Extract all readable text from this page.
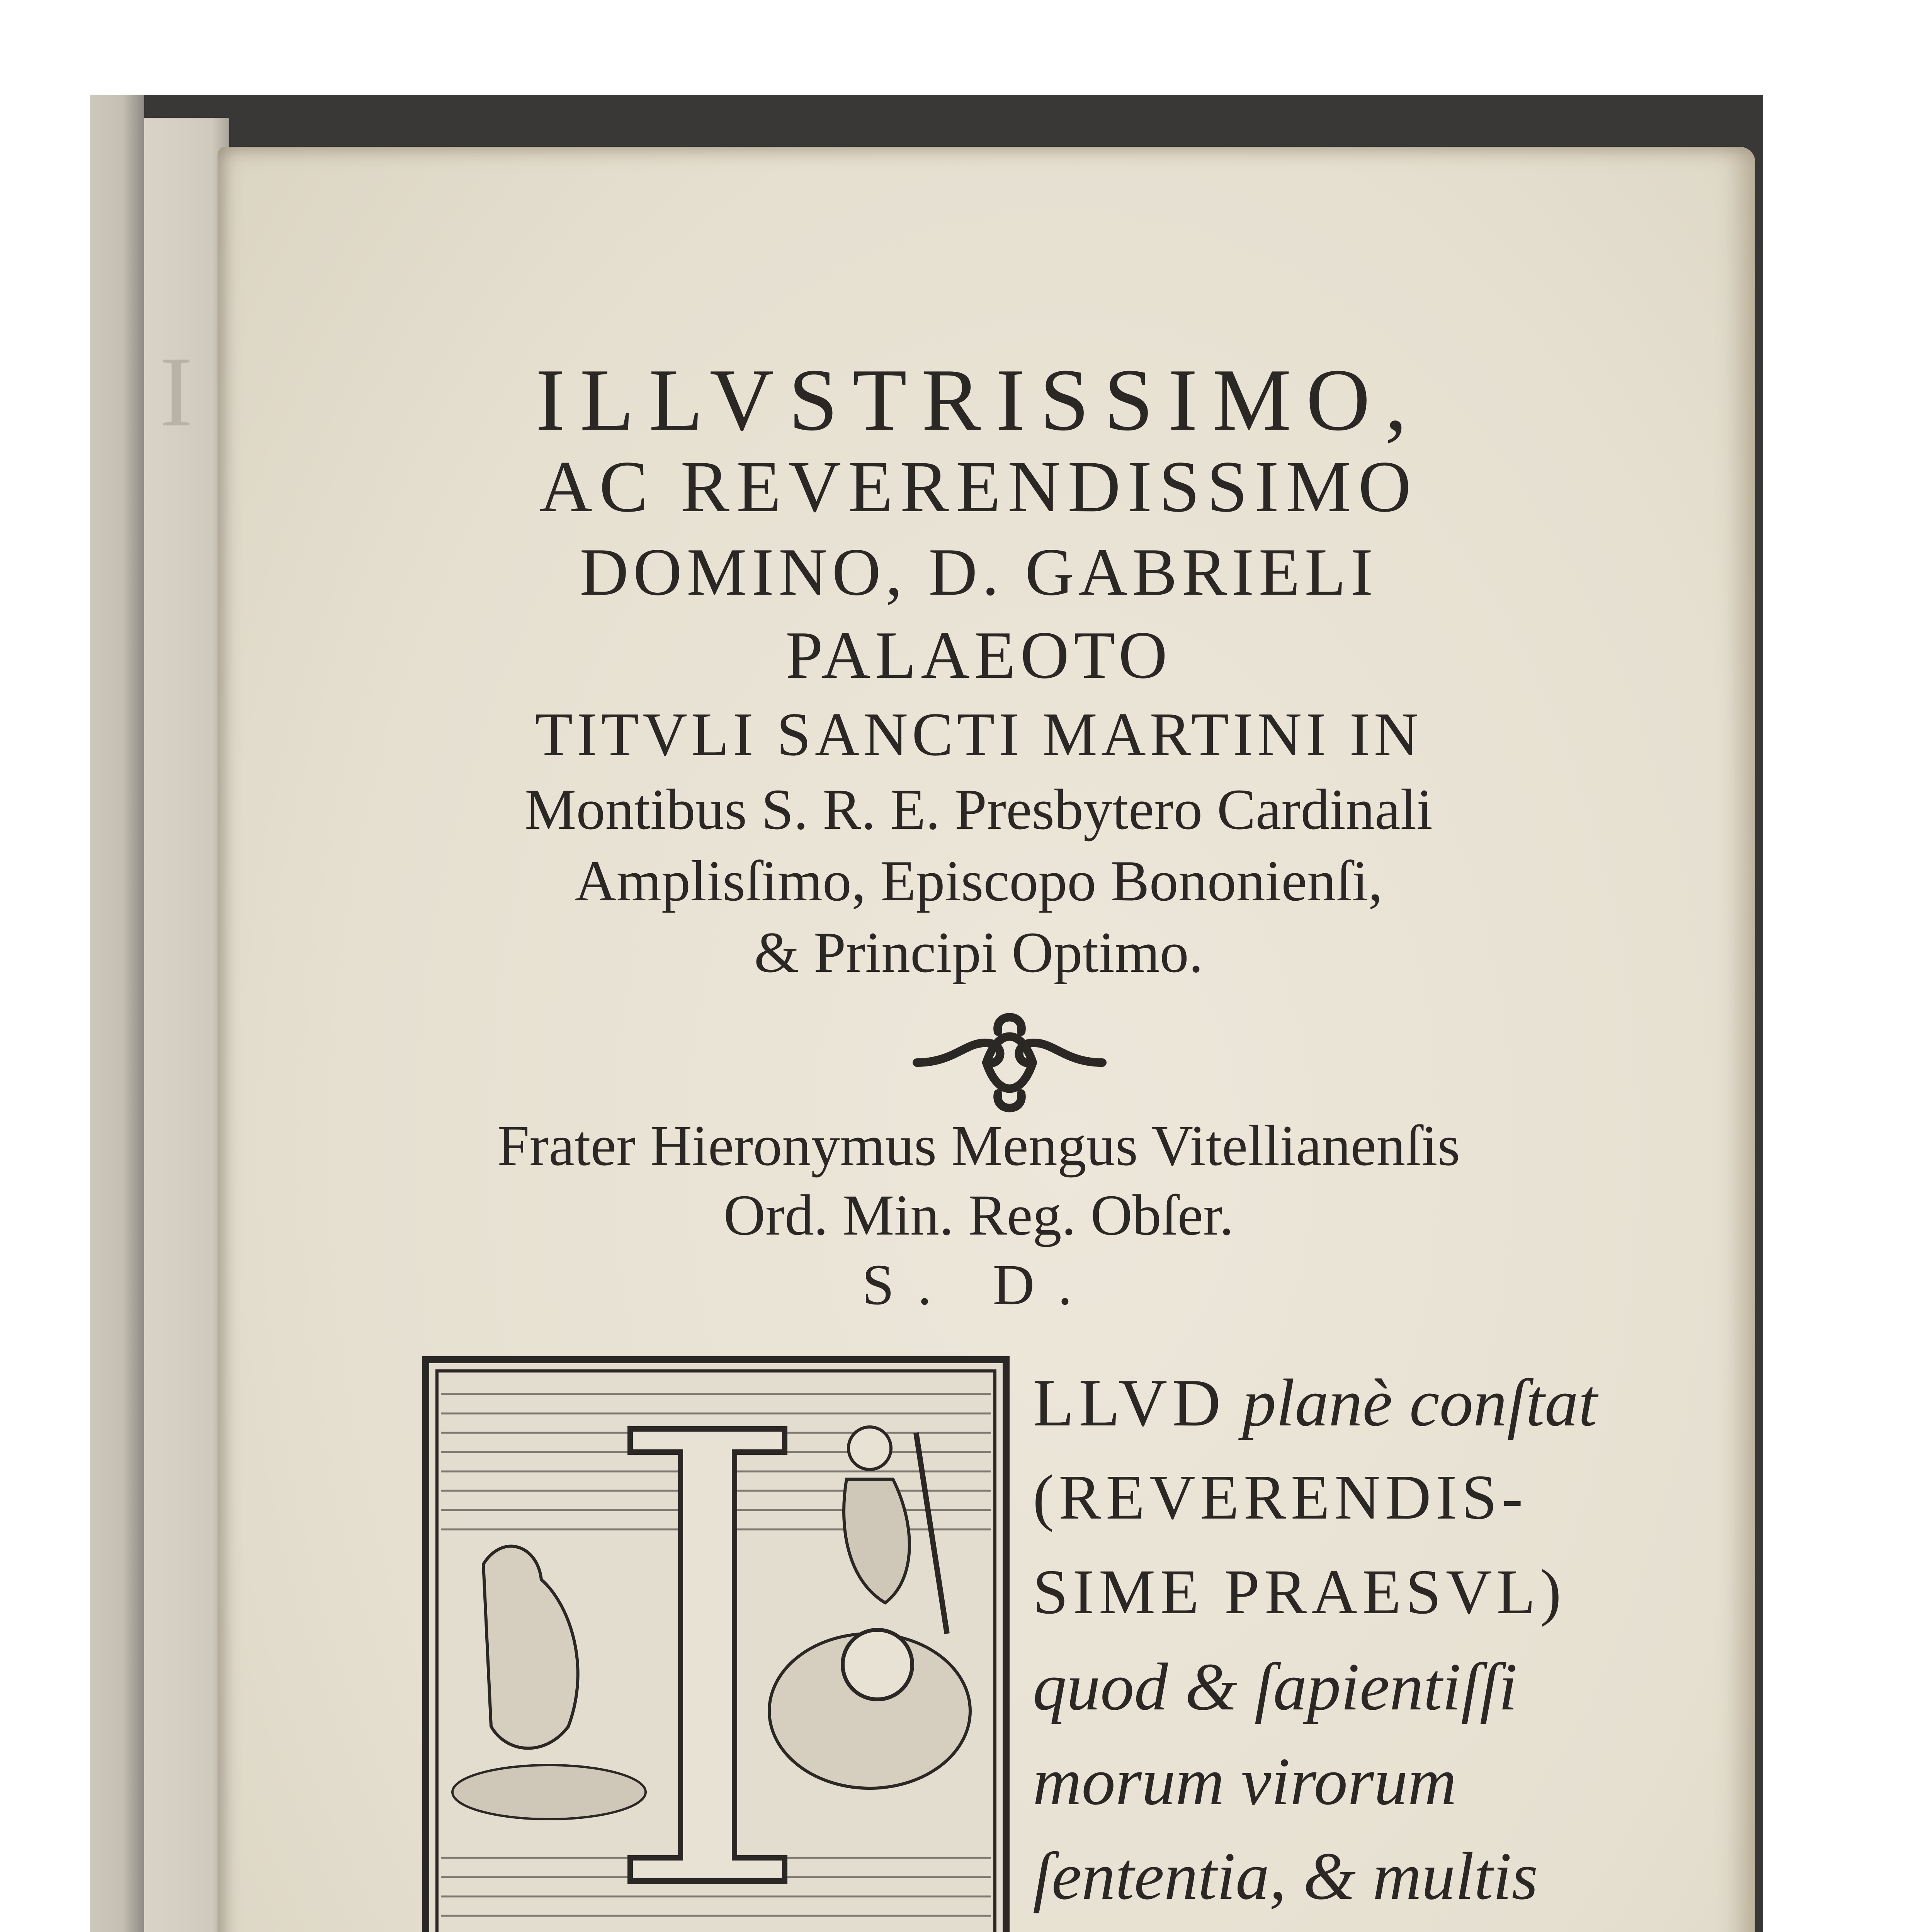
I	ILLVSTRISSIMO,
AC REVERENDISSIMO
DOMINO, D. GABRIELI
PALAEOTO
TITVLI SANCTI MARTINI IN
Montibus S. R. E. Presbytero Cardinali
Amplisſimo, Episcopo Bononienſi,
& Principi Optimo.
Frater Hieronymus Mengus Vitellianenſis
Ord. Min. Reg. Obſer.
S. D.
LLVD planè conſtat
(REVERENDIS-
SIME PRAESVL)
quod & ſapientiſſi
morum virorum
ſententia, & multis
